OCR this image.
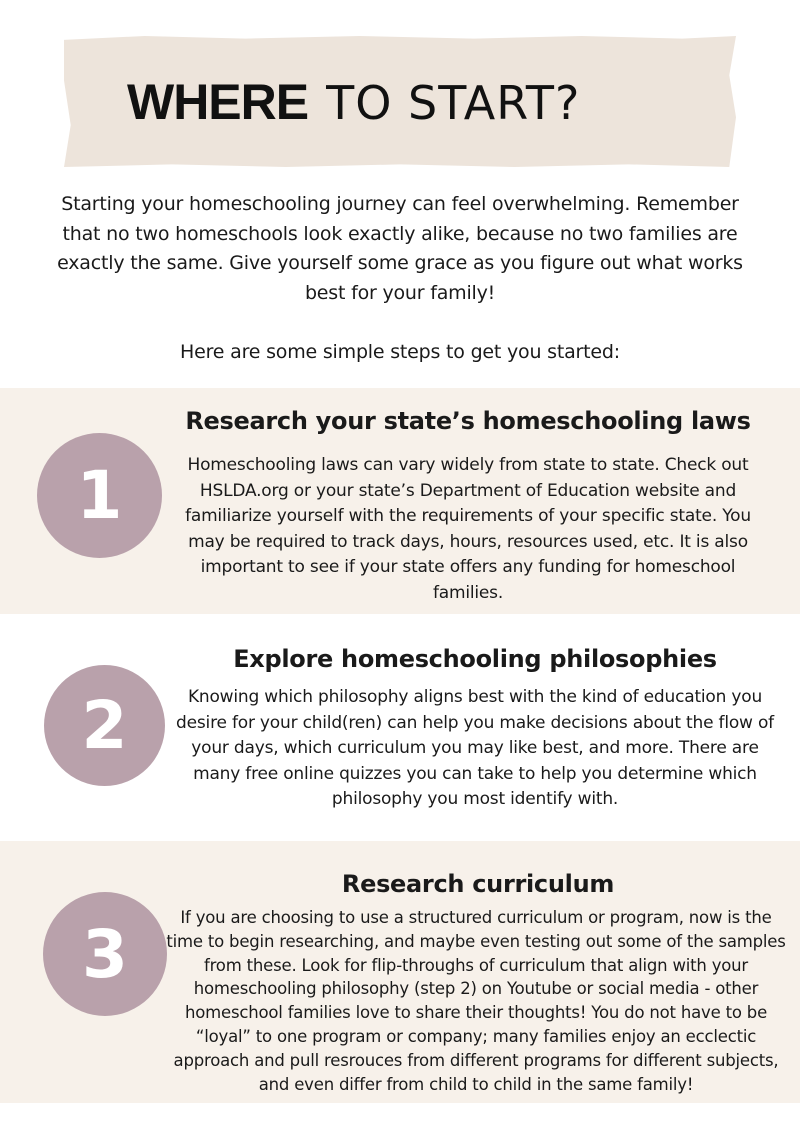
WHERE TO START?

Starting your homeschooling journey can feel overwhelming. Remember that no two homeschools look exactly alike, because no two families are exactly the same. Give yourself some grace as you figure out what works best for your family!

Here are some simple steps to get you started:

1
Research your state’s homeschooling laws
Homeschooling laws can vary widely from state to state. Check out HSLDA.org or your state’s Department of Education website and familiarize yourself with the requirements of your specific state. You may be required to track days, hours, resources used, etc. It is also important to see if your state offers any funding for homeschool families.
2
Explore homeschooling philosophies
Knowing which philosophy aligns best with the kind of education you desire for your child(ren) can help you make decisions about the flow of your days, which curriculum you may like best, and more. There are many free online quizzes you can take to help you determine which philosophy you most identify with.
3
Research curriculum
If you are choosing to use a structured curriculum or program, now is the time to begin researching, and maybe even testing out some of the samples from these. Look for flip-throughs of curriculum that align with your homeschooling philosophy (step 2) on Youtube or social media - other homeschool families love to share their thoughts! You do not have to be “loyal” to one program or company; many families enjoy an ecclectic approach and pull resrouces from different programs for different subjects, and even differ from child to child in the same family!
